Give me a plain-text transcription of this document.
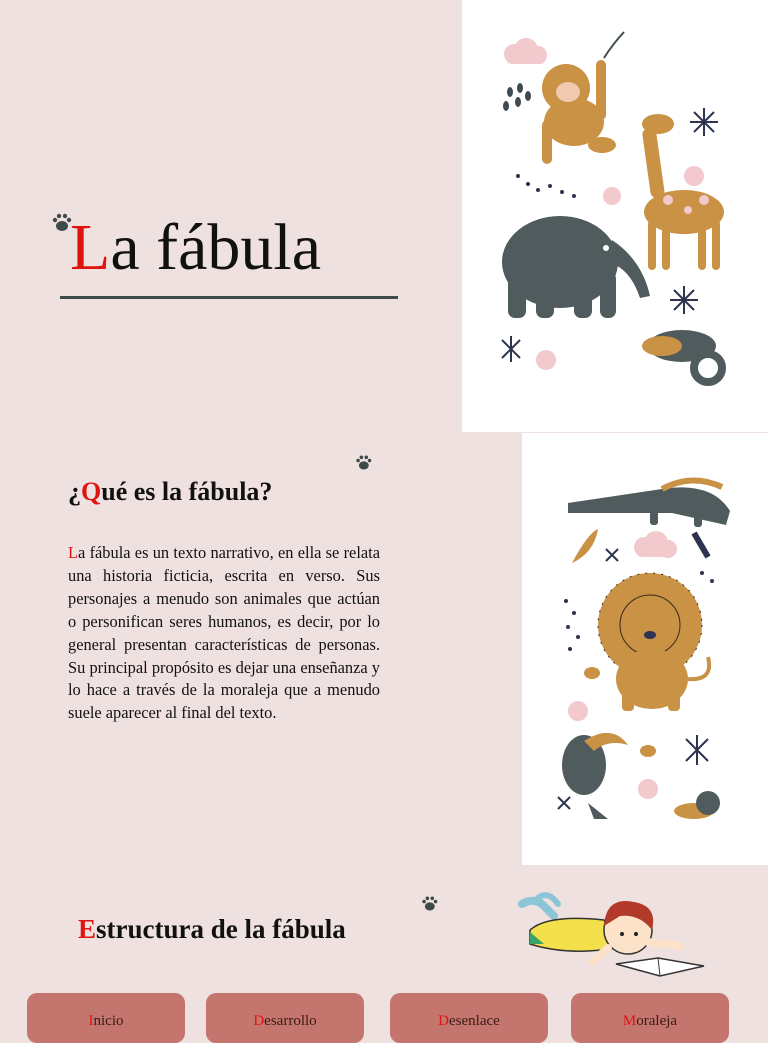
La fábula
¿Qué es la fábula?

La fábula es un texto narrativo, en ella se relata una historia ficticia, escrita en verso. Sus personajes a menudo son animales que actúan o personifican seres humanos, es decir, por lo general presentan características de personas. Su principal propósito es dejar una enseñanza y lo hace a través de la moraleja que a menudo suele aparecer al final del texto.

Estructura de la fábula
Inicio	Desarrollo	Desenlace	Moraleja
